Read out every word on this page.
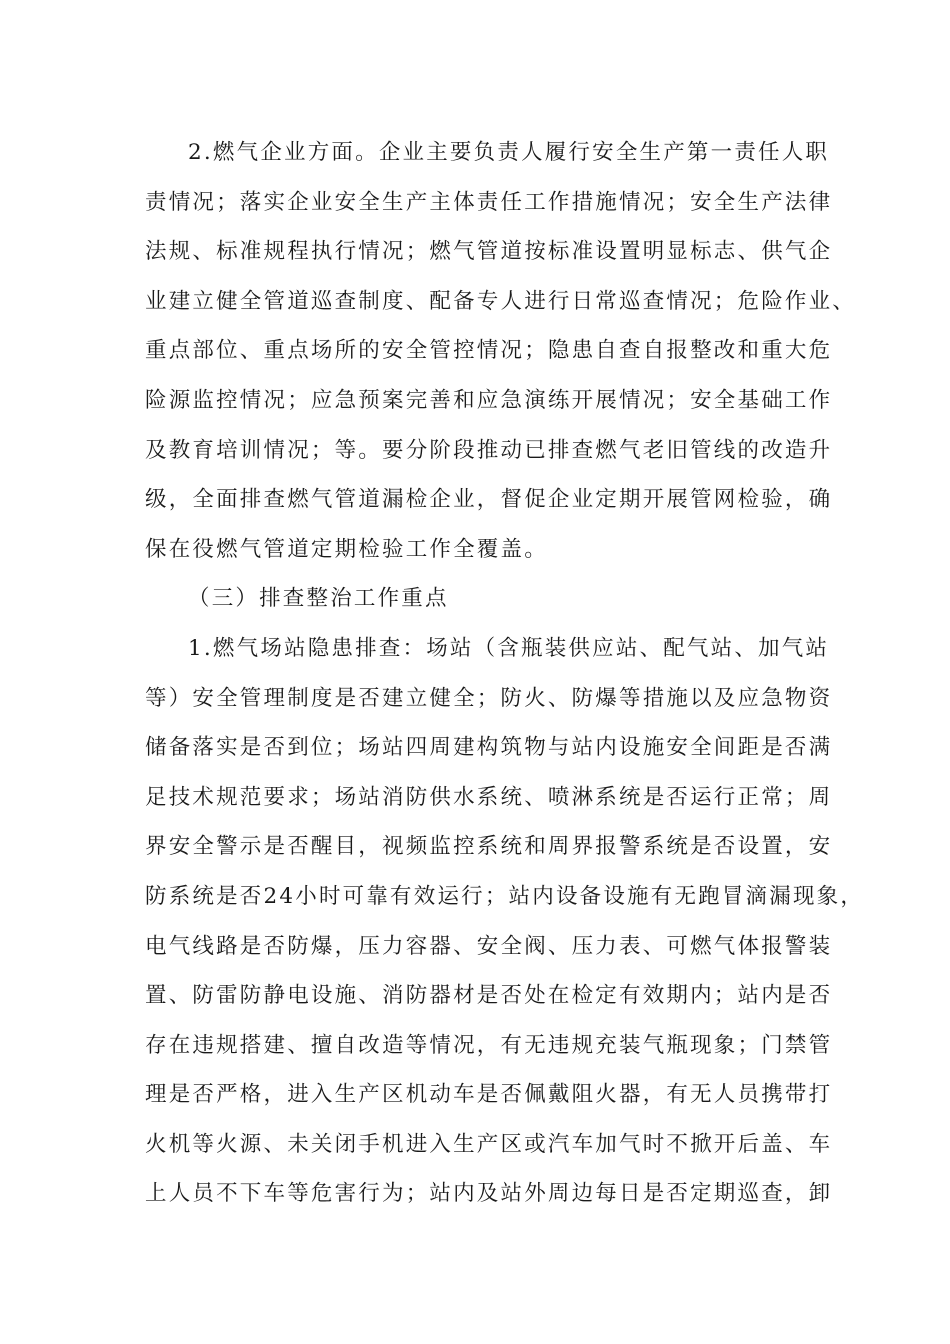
2.燃气企业方面。企业主要负责人履行安全生产第一责任人职
责情况；落实企业安全生产主体责任工作措施情况；安全生产法律
法规、标准规程执行情况；燃气管道按标准设置明显标志、供气企
业建立健全管道巡查制度、配备专人进行日常巡查情况；危险作业、
重点部位、重点场所的安全管控情况；隐患自查自报整改和重大危
险源监控情况；应急预案完善和应急演练开展情况；安全基础工作
及教育培训情况；等。要分阶段推动已排查燃气老旧管线的改造升
级，全面排查燃气管道漏检企业，督促企业定期开展管网检验，确
保在役燃气管道定期检验工作全覆盖。
（三）排查整治工作重点
1.燃气场站隐患排查：场站（含瓶装供应站、配气站、加气站
等）安全管理制度是否建立健全；防火、防爆等措施以及应急物资
储备落实是否到位；场站四周建构筑物与站内设施安全间距是否满
足技术规范要求；场站消防供水系统、喷淋系统是否运行正常；周
界安全警示是否醒目，视频监控系统和周界报警系统是否设置，安
防系统是否24小时可靠有效运行；站内设备设施有无跑冒滴漏现象，
电气线路是否防爆，压力容器、安全阀、压力表、可燃气体报警装
置、防雷防静电设施、消防器材是否处在检定有效期内；站内是否
存在违规搭建、擅自改造等情况，有无违规充装气瓶现象；门禁管
理是否严格，进入生产区机动车是否佩戴阻火器，有无人员携带打
火机等火源、未关闭手机进入生产区或汽车加气时不掀开后盖、车
上人员不下车等危害行为；站内及站外周边每日是否定期巡查，卸
